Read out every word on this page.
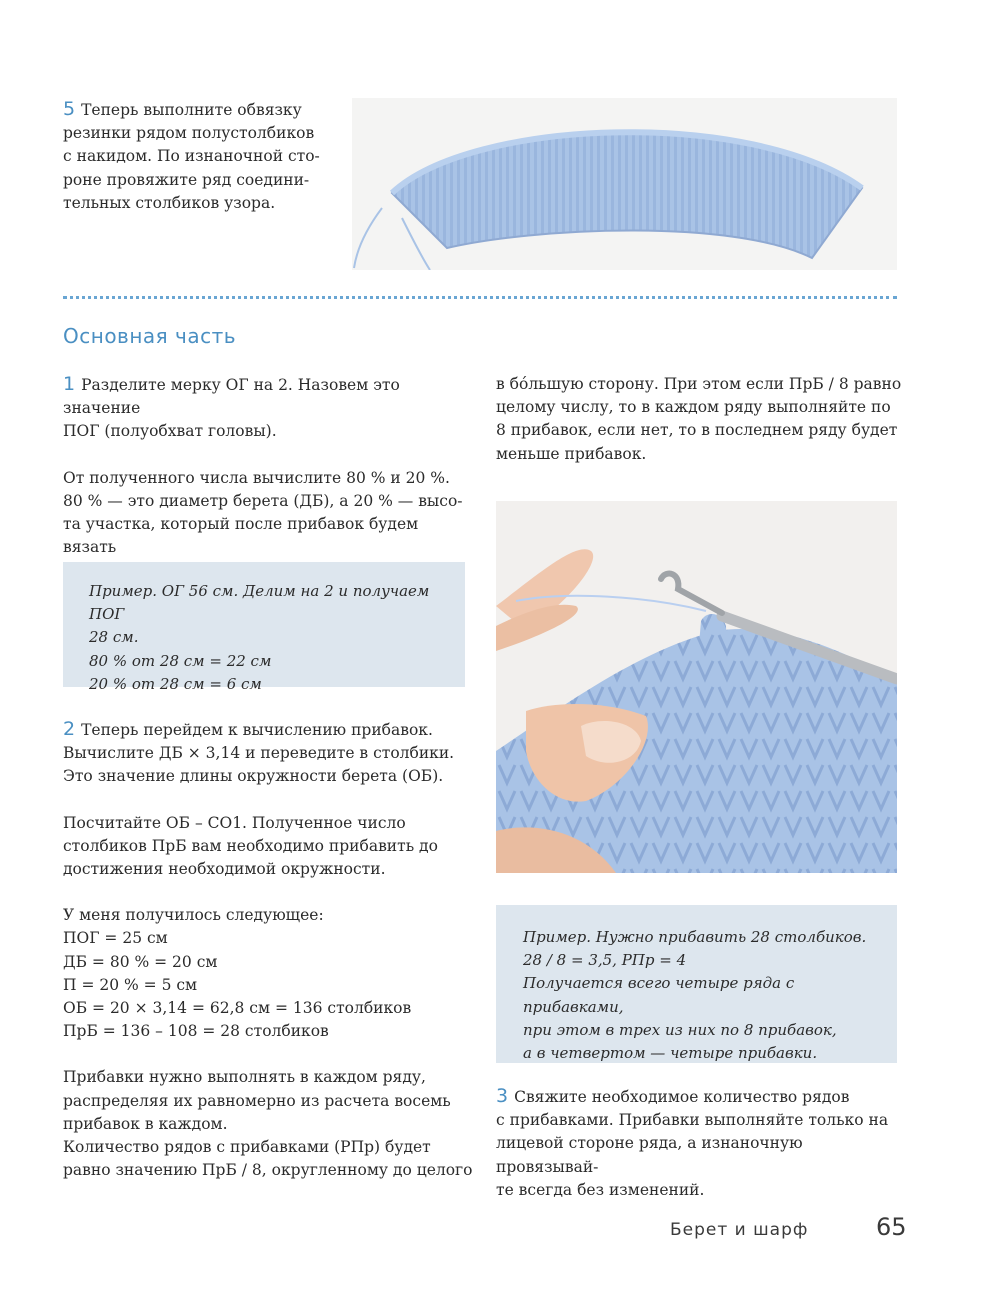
5 Теперь выполните обвязку

резинки рядом полустолбиков

с накидом. По изнаночной сто-

роне провяжите ряд соедини-

тельных столбиков узора.

Основная часть

1 Разделите мерку ОГ на 2. Назовем это значение

ПОГ (полуобхват головы).

От полученного числа вычислите 80 % и 20 %.

80 % — это диаметр берета (ДБ), а 20 % — высо-

та участка, который после прибавок будем вязать

Пример. ОГ 56 см. Делим на 2 и получаем ПОГ

28 см.

80 % от 28 см = 22 см

20 % от 28 см = 6 см

2 Теперь перейдем к вычислению прибавок.

Вычислите ДБ × 3,14 и переведите в столбики.

Это значение длины окружности берета (ОБ).

Посчитайте ОБ – СО1. Полученное число

столбиков ПрБ вам необходимо прибавить до

достижения необходимой окружности.

У меня получилось следующее:

ПОГ = 25 см

ДБ = 80 % = 20 см

П = 20 % = 5 см

ОБ = 20 × 3,14 = 62,8 см = 136 столбиков

ПрБ = 136 – 108 = 28 столбиков

Прибавки нужно выполнять в каждом ряду,

распределяя их равномерно из расчета восемь

прибавок в каждом.

Количество рядов с прибавками (РПр) будет

равно значению ПрБ / 8, округленному до целого

в бóльшую сторону. При этом если ПрБ / 8 равно

целому числу, то в каждом ряду выполняйте по

8 прибавок, если нет, то в последнем ряду будет

меньше прибавок.

Пример. Нужно прибавить 28 столбиков.

28 / 8 = 3,5, РПр = 4

Получается всего четыре ряда с прибавками,

при этом в трех из них по 8 прибавок,

а в четвертом — четыре прибавки.

3 Свяжите необходимое количество рядов

с прибавками. Прибавки выполняйте только на

лицевой стороне ряда, а изнаночную провязывай-

те всегда без изменений.

Берет и шарф	65
